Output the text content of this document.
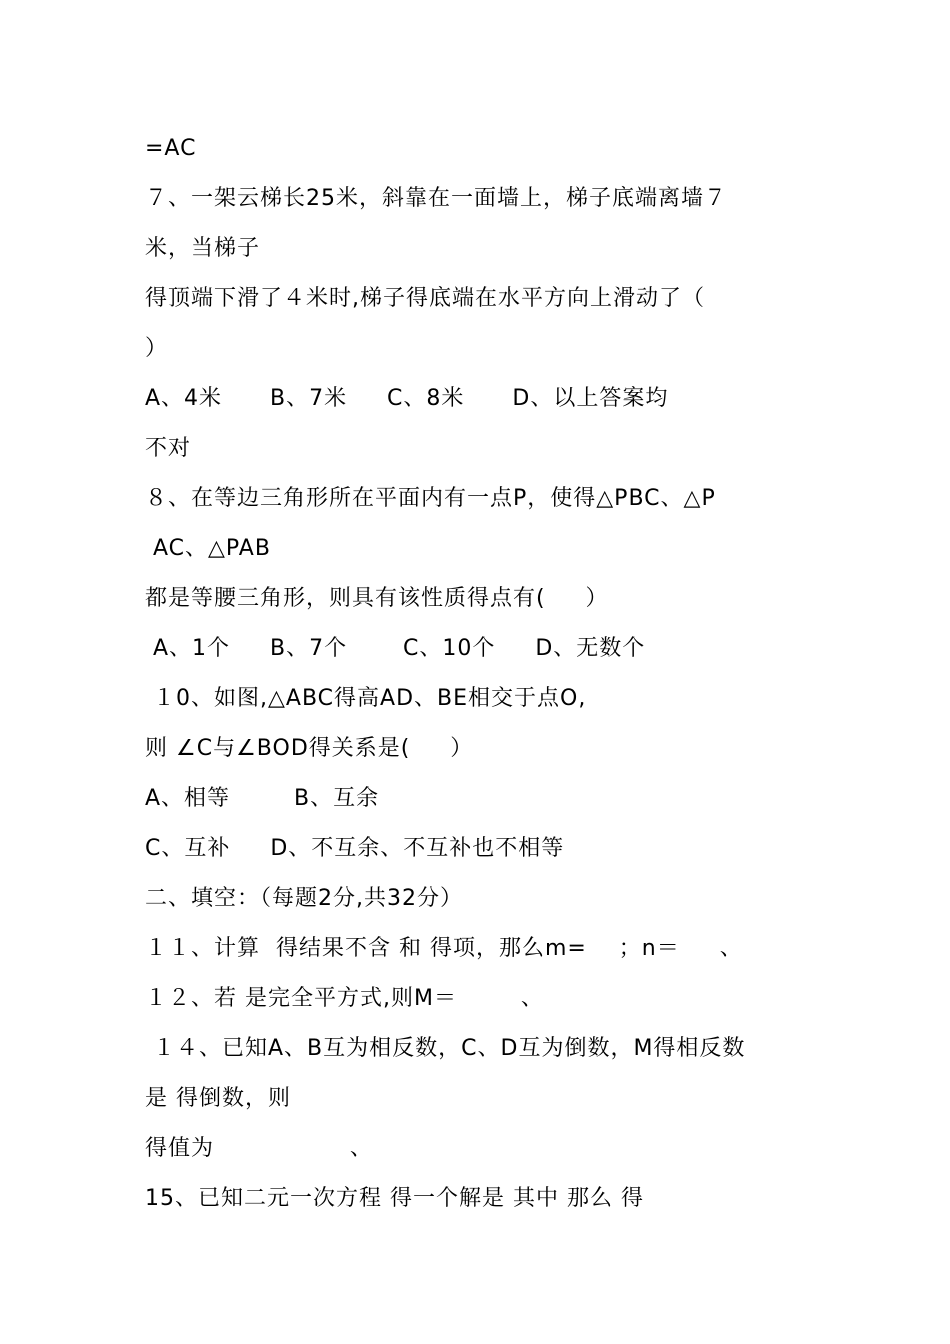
=AC
７、一架云梯长25米，斜靠在一面墙上，梯子底端离墙７
米，当梯子
得顶端下滑了４米时,梯子得底端在水平方向上滑动了（
）
A、4米      B、7米     C、8米      D、以上答案均
不对
８、在等边三角形所在平面内有一点P，使得△PBC、△P
AC、△PAB
都是等腰三角形，则具有该性质得点有(     ）
A、1个     B、7个       C、10个     D、无数个
１0、如图,△ABC得高AD、BE相交于点O,
则 ∠C与∠BOD得关系是(     ）
A、相等        B、互余
C、互补     D、不互余、不互补也不相等
二、填空：（每题2分,共32分）
１１、计算  得结果不含 和 得项，那么m=    ；n＝     、
１２、若 是完全平方式,则M＝        、
１４、已知A、B互为相反数，C、D互为倒数，M得相反数
是 得倒数，则
得值为                 、
15、已知二元一次方程 得一个解是 其中 那么 得
